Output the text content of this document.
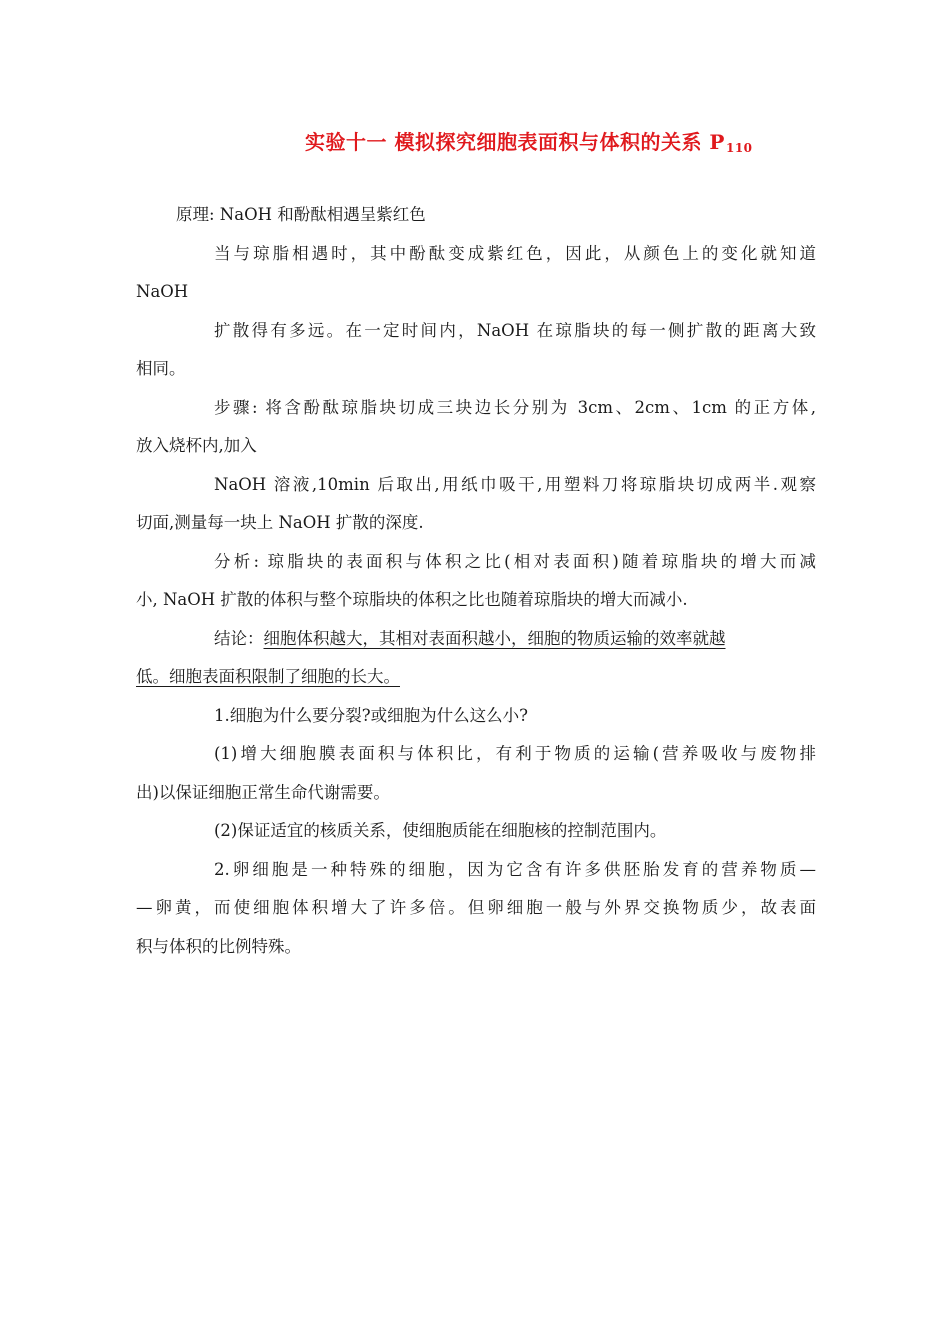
实验十一 模拟探究细胞表面积与体积的关系 $P_{110}$
原理: NaOH 和酚酞相遇呈紫红色
当与琼脂相遇时，其中酚酞变成紫红色，因此，从颜色上的变化就知道
NaOH
扩散得有多远。在一定时间内，NaOH 在琼脂块的每一侧扩散的距离大致
相同。
步骤: 将含酚酞琼脂块切成三块边长分别为 3cm、2cm、1cm 的正方体,
放入烧杯内,加入
NaOH 溶液,10min 后取出,用纸巾吸干,用塑料刀将琼脂块切成两半.观察
切面,测量每一块上 NaOH 扩散的深度.
分析: 琼脂块的表面积与体积之比(相对表面积)随着琼脂块的增大而减
小, NaOH 扩散的体积与整个琼脂块的体积之比也随着琼脂块的增大而减小.
结论：细胞体积越大，其相对表面积越小，细胞的物质运输的效率就越
低。细胞表面积限制了细胞的长大。
1.细胞为什么要分裂?或细胞为什么这么小?
(1)增大细胞膜表面积与体积比，有利于物质的运输(营养吸收与废物排
出)以保证细胞正常生命代谢需要。
(2)保证适宜的核质关系，使细胞质能在细胞核的控制范围内。
2.卵细胞是一种特殊的细胞，因为它含有许多供胚胎发育的营养物质—
—卵黄，而使细胞体积增大了许多倍。但卵细胞一般与外界交换物质少，故表面
积与体积的比例特殊。
